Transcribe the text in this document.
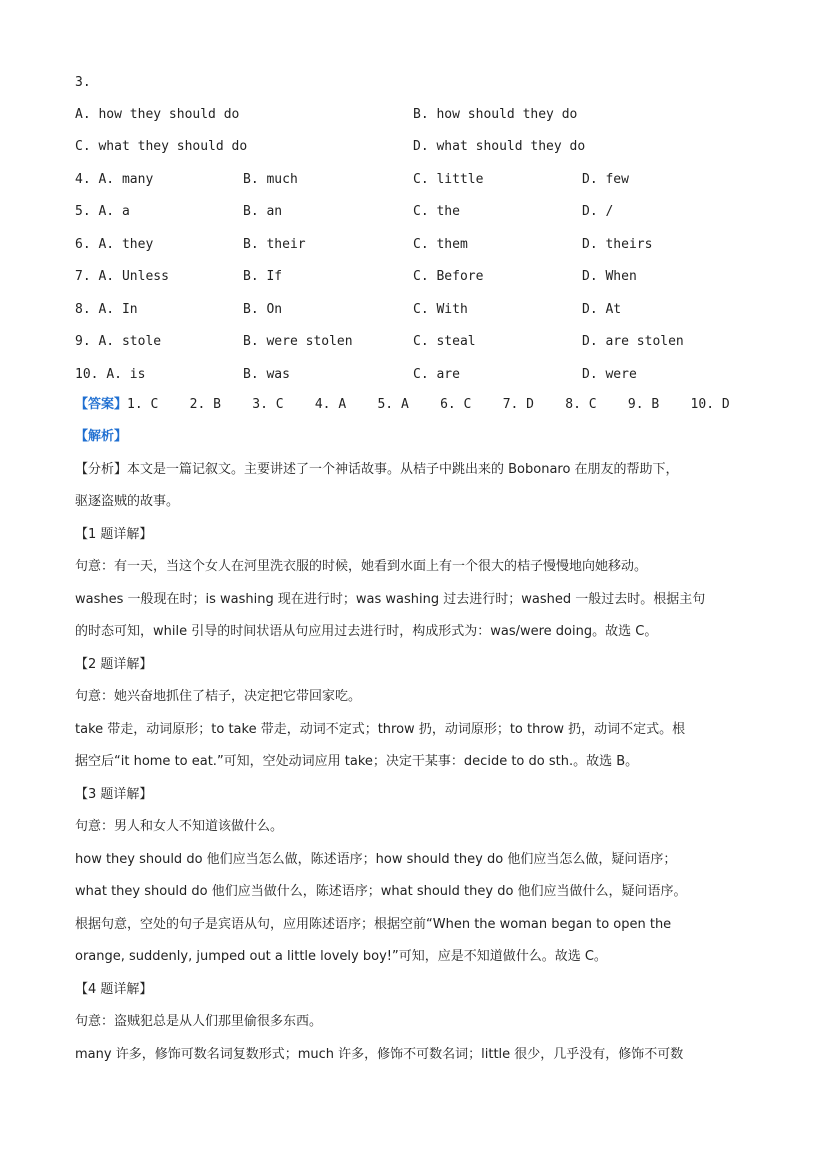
3.
A. how they should do	B. how should they do
C. what they should do	D. what should they do
4. A. many	B. much	C. little	D. few
5. A. a	B. an	C. the	D. /
6. A. they	B. their	C. them	D. theirs
7. A. Unless	B. If	C. Before	D. When
8. A. In	B. On	C. With	D. At
9. A. stole	B. were stolen	C. steal	D. are stolen
10. A. is	B. was	C. are	D. were
【答案】1. C    2. B    3. C    4. A    5. A    6. C    7. D    8. C    9. B    10. D
【解析】
【分析】本文是一篇记叙文。主要讲述了一个神话故事。从桔子中跳出来的 Bobonaro 在朋友的帮助下，
驱逐盗贼的故事。
【1 题详解】
句意：有一天，当这个女人在河里洗衣服的时候，她看到水面上有一个很大的桔子慢慢地向她移动。
washes 一般现在时；is washing 现在进行时；was washing 过去进行时；washed 一般过去时。根据主句
的时态可知，while 引导的时间状语从句应用过去进行时，构成形式为：was/were doing。故选 C。
【2 题详解】
句意：她兴奋地抓住了桔子，决定把它带回家吃。
take 带走，动词原形；to take 带走，动词不定式；throw 扔，动词原形；to throw 扔，动词不定式。根
据空后“it home to eat.”可知，空处动词应用 take；决定干某事：decide to do sth.。故选 B。
【3 题详解】
句意：男人和女人不知道该做什么。
how they should do 他们应当怎么做，陈述语序；how should they do 他们应当怎么做，疑问语序；
what they should do 他们应当做什么，陈述语序；what should they do 他们应当做什么，疑问语序。
根据句意，空处的句子是宾语从句，应用陈述语序；根据空前“When the woman began to open the
orange, suddenly, jumped out a little lovely boy!”可知，应是不知道做什么。故选 C。
【4 题详解】
句意：盗贼犯总是从人们那里偷很多东西。
many 许多，修饰可数名词复数形式；much 许多，修饰不可数名词；little 很少，几乎没有，修饰不可数
